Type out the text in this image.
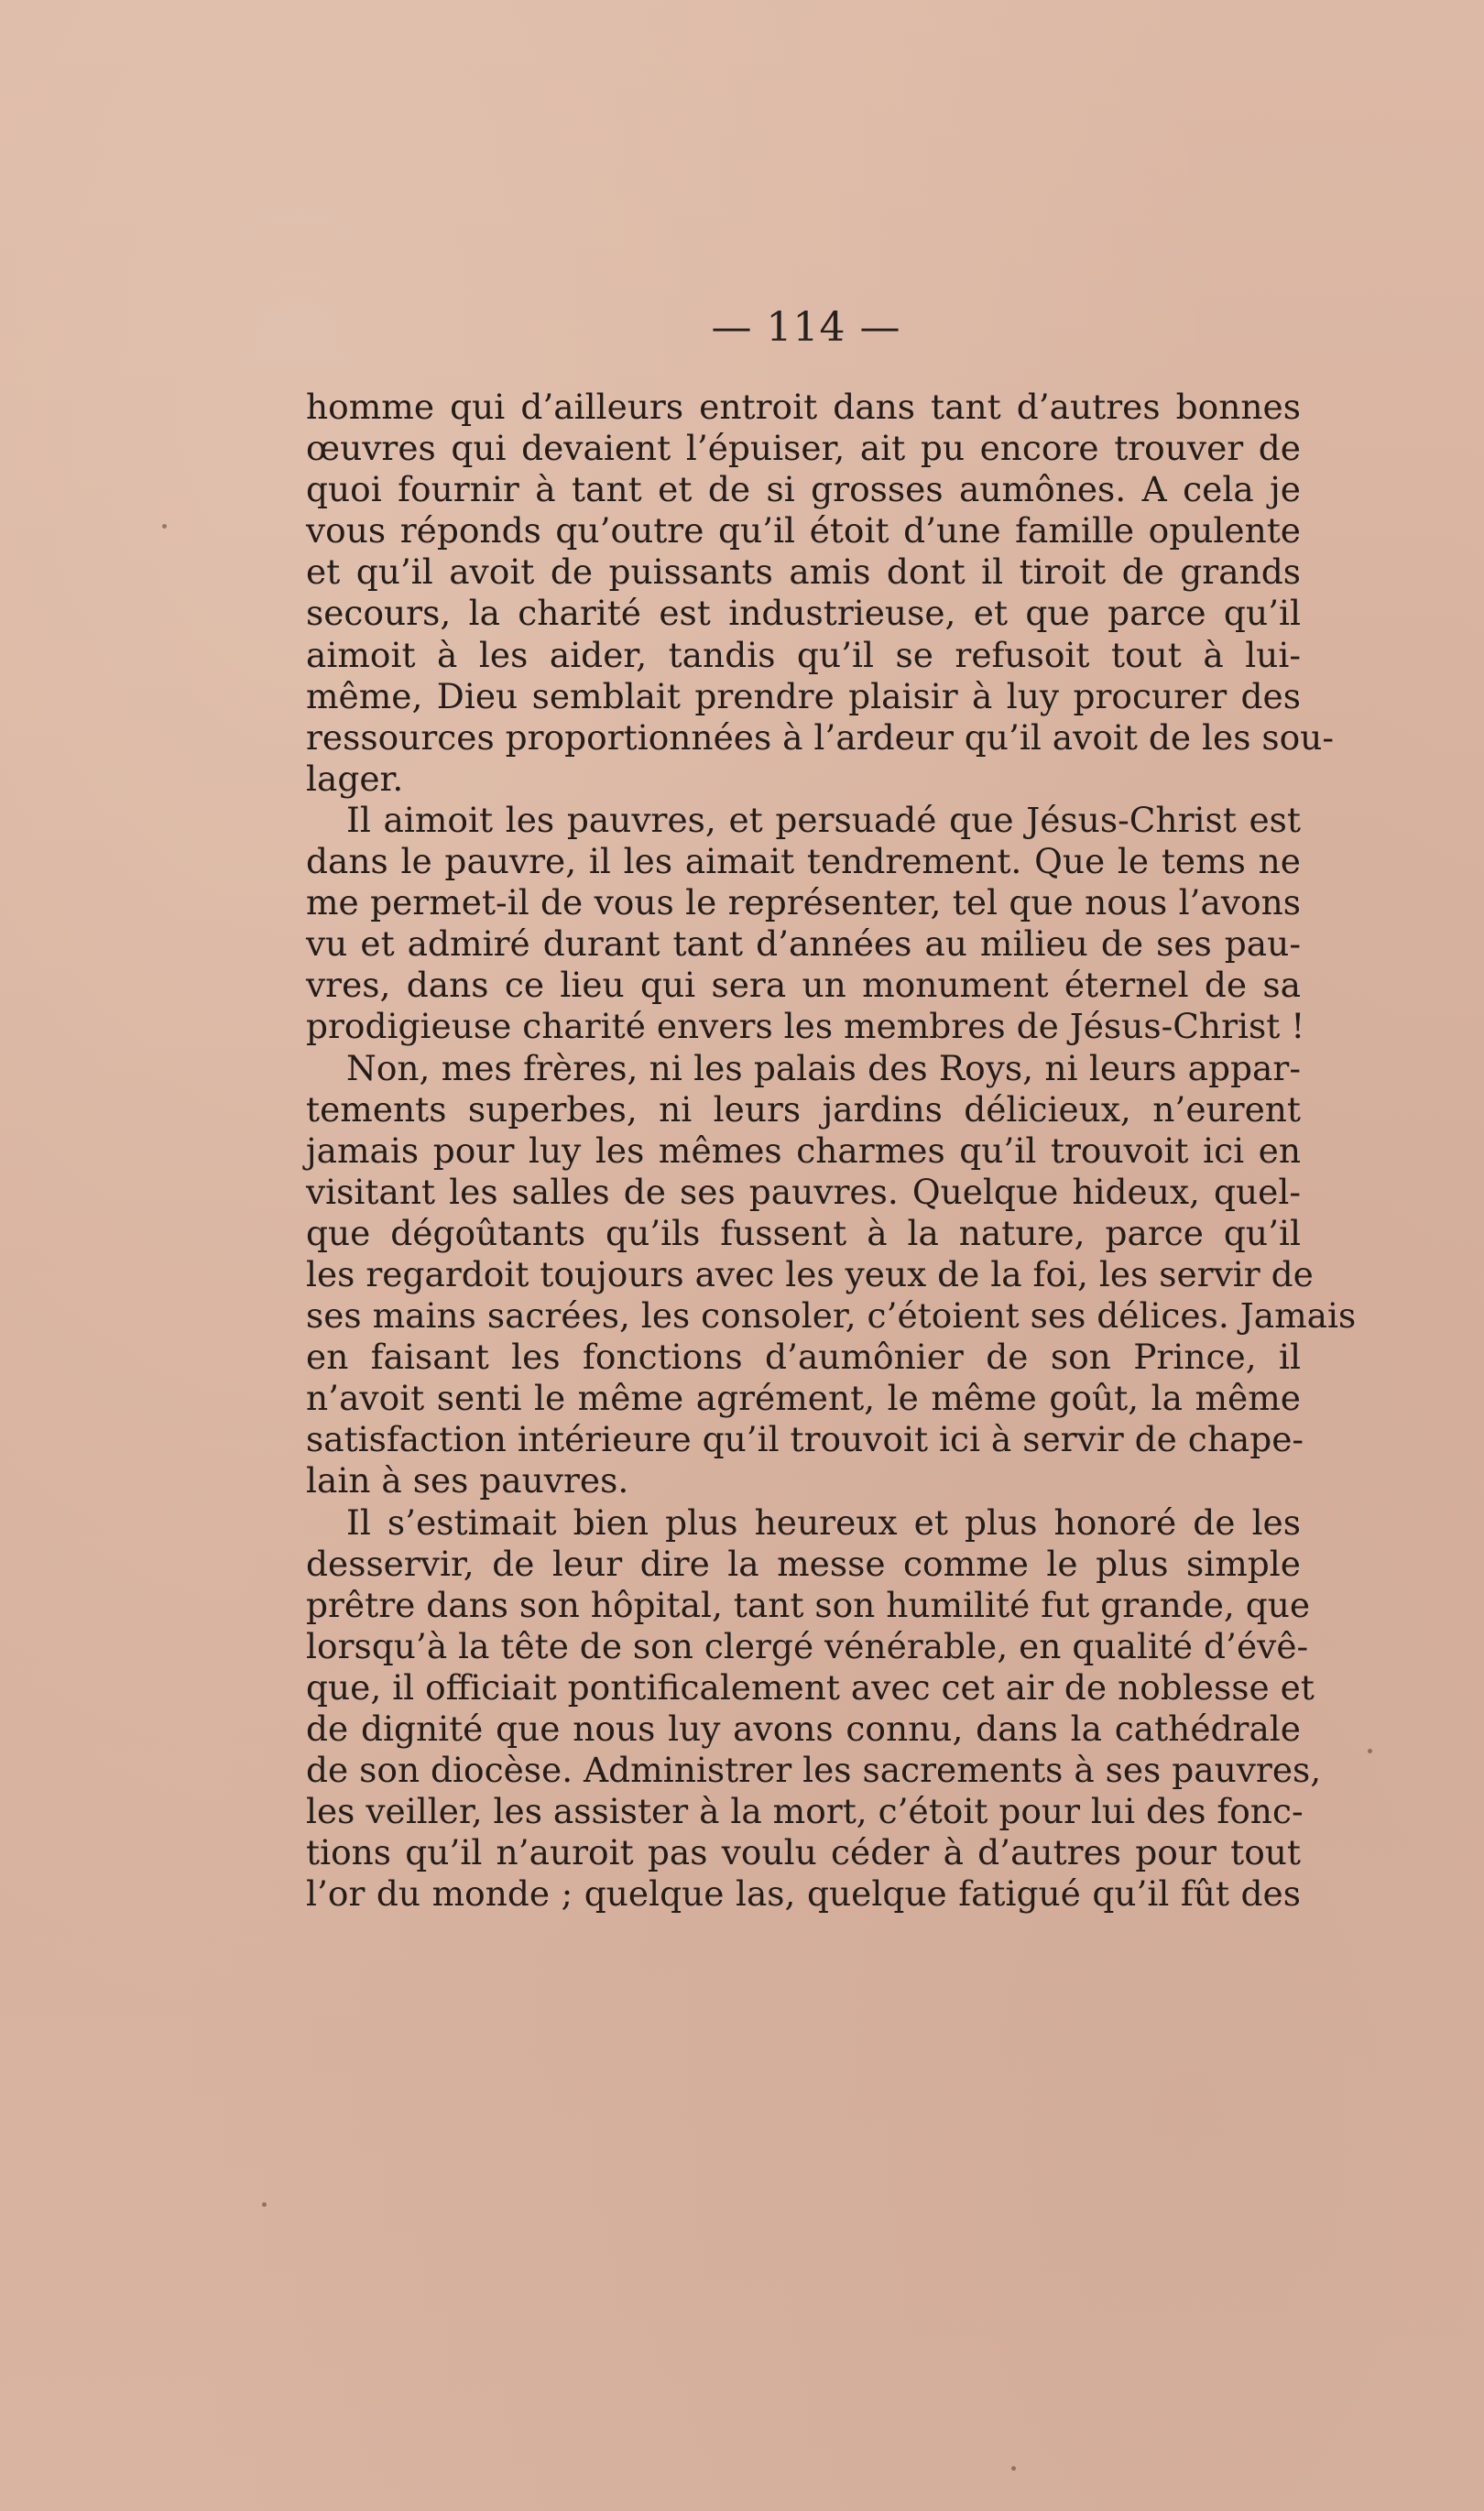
— 114 —
homme qui d’ailleurs entroit dans tant d’autres bonnes
œuvres qui devaient l’épuiser, ait pu encore trouver de
quoi fournir à tant et de si grosses aumônes. A cela je
vous réponds qu’outre qu’il étoit d’une famille opulente
et qu’il avoit de puissants amis dont il tiroit de grands
secours, la charité est industrieuse, et que parce qu’il
aimoit à les aider, tandis qu’il se refusoit tout à lui-
même, Dieu semblait prendre plaisir à luy procurer des
ressources proportionnées à l’ardeur qu’il avoit de les sou-
lager.
Il aimoit les pauvres, et persuadé que Jésus-Christ est
dans le pauvre, il les aimait tendrement. Que le tems ne
me permet-il de vous le représenter, tel que nous l’avons
vu et admiré durant tant d’années au milieu de ses pau-
vres, dans ce lieu qui sera un monument éternel de sa
prodigieuse charité envers les membres de Jésus-Christ !
Non, mes frères, ni les palais des Roys, ni leurs appar-
tements superbes, ni leurs jardins délicieux, n’eurent
jamais pour luy les mêmes charmes qu’il trouvoit ici en
visitant les salles de ses pauvres. Quelque hideux, quel-
que dégoûtants qu’ils fussent à la nature, parce qu’il
les regardoit toujours avec les yeux de la foi, les servir de
ses mains sacrées, les consoler, c’étoient ses délices. Jamais
en faisant les fonctions d’aumônier de son Prince, il
n’avoit senti le même agrément, le même goût, la même
satisfaction intérieure qu’il trouvoit ici à servir de chape-
lain à ses pauvres.
Il s’estimait bien plus heureux et plus honoré de les
desservir, de leur dire la messe comme le plus simple
prêtre dans son hôpital, tant son humilité fut grande, que
lorsqu’à la tête de son clergé vénérable, en qualité d’évê-
que, il officiait pontificalement avec cet air de noblesse et
de dignité que nous luy avons connu, dans la cathédrale
de son diocèse. Administrer les sacrements à ses pauvres,
les veiller, les assister à la mort, c’étoit pour lui des fonc-
tions qu’il n’auroit pas voulu céder à d’autres pour tout
l’or du monde ; quelque las, quelque fatigué qu’il fût des
